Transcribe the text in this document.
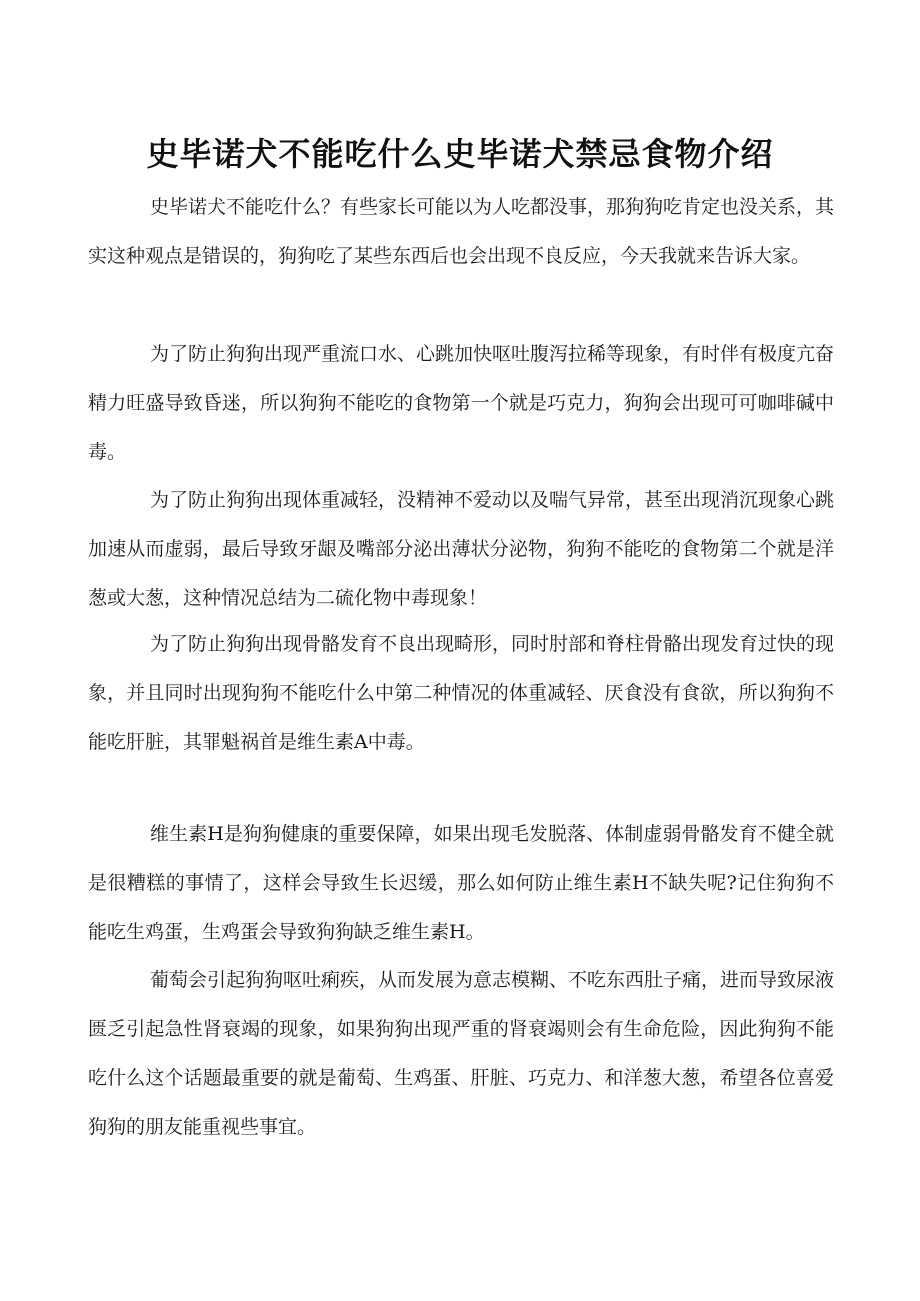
史毕诺犬不能吃什么史毕诺犬禁忌食物介绍

史毕诺犬不能吃什么？有些家长可能以为人吃都没事，那狗狗吃肯定也没关系，其实这种观点是错误的，狗狗吃了某些东西后也会出现不良反应，今天我就来告诉大家。

为了防止狗狗出现严重流口水、心跳加快呕吐腹泻拉稀等现象，有时伴有极度亢奋精力旺盛导致昏迷，所以狗狗不能吃的食物第一个就是巧克力，狗狗会出现可可咖啡碱中毒。

为了防止狗狗出现体重减轻，没精神不爱动以及喘气异常，甚至出现消沉现象心跳加速从而虚弱，最后导致牙龈及嘴部分泌出薄状分泌物，狗狗不能吃的食物第二个就是洋葱或大葱，这种情况总结为二硫化物中毒现象！

为了防止狗狗出现骨骼发育不良出现畸形，同时肘部和脊柱骨骼出现发育过快的现象，并且同时出现狗狗不能吃什么中第二种情况的体重减轻、厌食没有食欲，所以狗狗不能吃肝脏，其罪魁祸首是维生素A中毒。

维生素H是狗狗健康的重要保障，如果出现毛发脱落、体制虚弱骨骼发育不健全就是很糟糕的事情了，这样会导致生长迟缓，那么如何防止维生素H不缺失呢?记住狗狗不能吃生鸡蛋，生鸡蛋会导致狗狗缺乏维生素H。

葡萄会引起狗狗呕吐痢疾，从而发展为意志模糊、不吃东西肚子痛，进而导致尿液匮乏引起急性肾衰竭的现象，如果狗狗出现严重的肾衰竭则会有生命危险，因此狗狗不能吃什么这个话题最重要的就是葡萄、生鸡蛋、肝脏、巧克力、和洋葱大葱，希望各位喜爱狗狗的朋友能重视些事宜。
